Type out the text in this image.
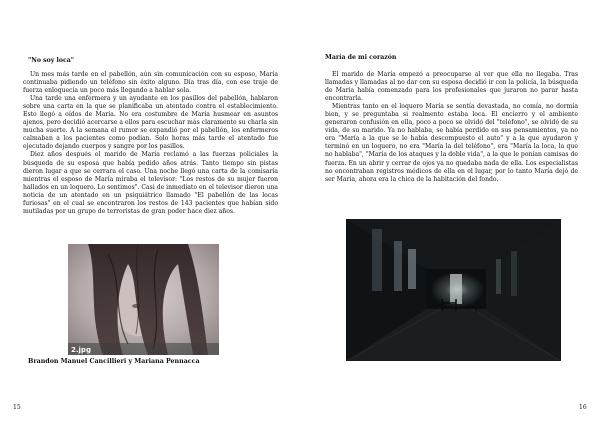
"No soy loca"

Un mes más tarde en el pabellón, aún sin comunicación con su esposo, María continuaba pidiendo un teléfono sin éxito alguno. Día tras día, con ese traje de fuerza enloquecía un poco más llegando a hablar sola.

Una tarde una enfermera y un ayudante en los pasillos del pabellón, hablaron sobre una carta en la que se planificaba un atentado contra el establecimiento. Esto llegó a oídos de María. No era costumbre de María husmear en asuntos ajenos, pero decidió acercarse a ellos para escuchar más claramente su charla sin mucha suerte. A la semana el rumor se expandió por el pabellón, los enfermeros calmaban a los pacientes como podían. Solo horas más tarde el atentado fue ejecutado dejando cuerpos y sangre por los pasillos.

Diez años después el marido de María reclamó a las fuerzas policiales la búsqueda de su esposa que había pedido años atrás. Tanto tiempo sin pistas dieron lugar a que se cerrara el caso. Una noche llegó una carta de la comisaría mientras el esposo de María miraba el televisor: "Los restos de su mujer fueron hallados en un loquero. Lo sentimos". Casi de inmediato en el televisor dieron una noticia de un atentado en un psiquiátrico llamado "El pabellón de las locas furiosas" en el cual se encontraron los restos de 143 pacientes que habían sido mutiladas por un grupo de terroristas de gran poder hace diez años.

2.jpg

Brandon Manuel Cancillieri y Mariana Pennacca

15
María de mi corazón

El marido de María empezó a preocuparse al ver que ella no llegaba. Tras llamadas y llamadas al no dar con su esposa decidió ir con la policía, la búsqueda de María había comenzado para los profesionales que juraron no parar hasta encontrarla.

Mientras tanto en el loquero María se sentía devastada, no comía, no dormía bien, y se preguntaba si realmente estaba loca. El encierro y el ambiente generaron confusión en ella, poco a poco se olvidó del "teléfono", se olvidó de su vida, de su marido. Ya no hablaba, se había perdido en sus pensamientos, ya no era "María a la que se le había descompuesto el auto" y a la que ayudaron y terminó en un loquero, no era "María la del teléfono", era "María la loca, la que no hablaba", "María de los ataques y la doble vida", a la que le ponían camisas de fuerza. En un abrir y cerrar de ojos ya no quedaba nada de ella. Los especialistas no encontraban registros médicos de ella en el lugar, por lo tanto María dejó de ser María, ahora era la chica de la habitación del fondo.

16
